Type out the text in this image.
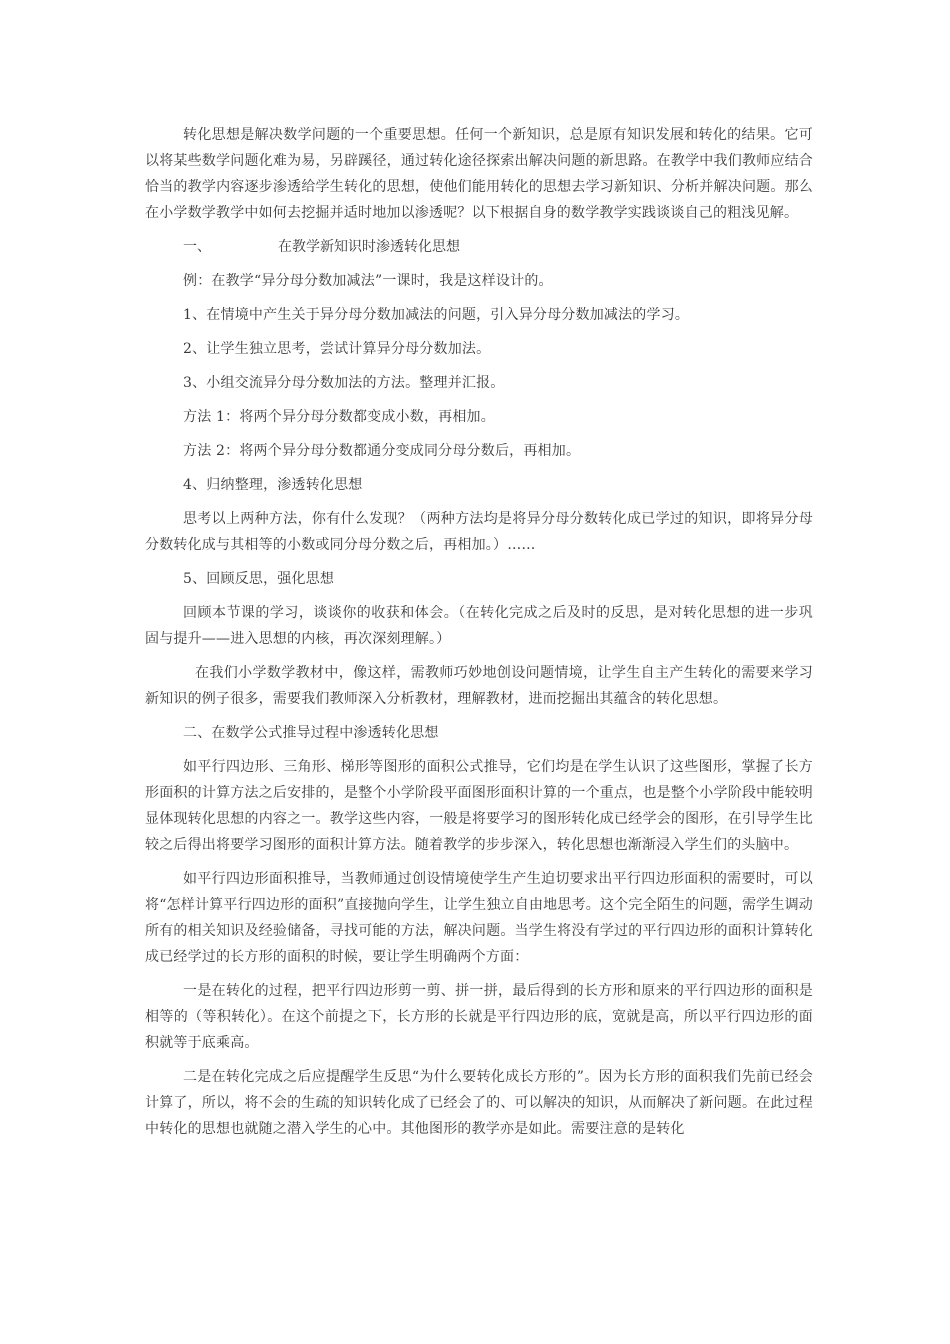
转化思想是解决数学问题的一个重要思想。任何一个新知识，总是原有知识发展和转化的结果。它可以将某些数学问题化难为易，另辟蹊径，通过转化途径探索出解决问题的新思路。在教学中我们教师应结合恰当的教学内容逐步渗透给学生转化的思想，使他们能用转化的思想去学习新知识、分析并解决问题。那么在小学数学教学中如何去挖掘并适时地加以渗透呢？以下根据自身的数学教学实践谈谈自己的粗浅见解。

一、	在教学新知识时渗透转化思想

例：在教学“异分母分数加减法”一课时，我是这样设计的。

1、在情境中产生关于异分母分数加减法的问题，引入异分母分数加减法的学习。

2、让学生独立思考，尝试计算异分母分数加法。

3、小组交流异分母分数加法的方法。整理并汇报。

方法 1：将两个异分母分数都变成小数，再相加。

方法 2：将两个异分母分数都通分变成同分母分数后，再相加。

4、归纳整理，渗透转化思想

思考以上两种方法，你有什么发现？（两种方法均是将异分母分数转化成已学过的知识，即将异分母分数转化成与其相等的小数或同分母分数之后，再相加。）……

5、回顾反思，强化思想

回顾本节课的学习，谈谈你的收获和体会。（在转化完成之后及时的反思，是对转化思想的进一步巩固与提升——进入思想的内核，再次深刻理解。）

在我们小学数学教材中，像这样，需教师巧妙地创设问题情境，让学生自主产生转化的需要来学习新知识的例子很多，需要我们教师深入分析教材，理解教材，进而挖掘出其蕴含的转化思想。

二、在数学公式推导过程中渗透转化思想

如平行四边形、三角形、梯形等图形的面积公式推导，它们均是在学生认识了这些图形，掌握了长方形面积的计算方法之后安排的，是整个小学阶段平面图形面积计算的一个重点，也是整个小学阶段中能较明显体现转化思想的内容之一。教学这些内容，一般是将要学习的图形转化成已经学会的图形，在引导学生比较之后得出将要学习图形的面积计算方法。随着教学的步步深入，转化思想也渐渐浸入学生们的头脑中。

如平行四边形面积推导，当教师通过创设情境使学生产生迫切要求出平行四边形面积的需要时，可以将“怎样计算平行四边形的面积”直接抛向学生，让学生独立自由地思考。这个完全陌生的问题，需学生调动所有的相关知识及经验储备，寻找可能的方法，解决问题。当学生将没有学过的平行四边形的面积计算转化成已经学过的长方形的面积的时候，要让学生明确两个方面：

一是在转化的过程，把平行四边形剪一剪、拼一拼，最后得到的长方形和原来的平行四边形的面积是相等的（等积转化）。在这个前提之下，长方形的长就是平行四边形的底，宽就是高，所以平行四边形的面积就等于底乘高。

二是在转化完成之后应提醒学生反思“为什么要转化成长方形的”。因为长方形的面积我们先前已经会计算了，所以，将不会的生疏的知识转化成了已经会了的、可以解决的知识，从而解决了新问题。在此过程中转化的思想也就随之潜入学生的心中。其他图形的教学亦是如此。需要注意的是转化
